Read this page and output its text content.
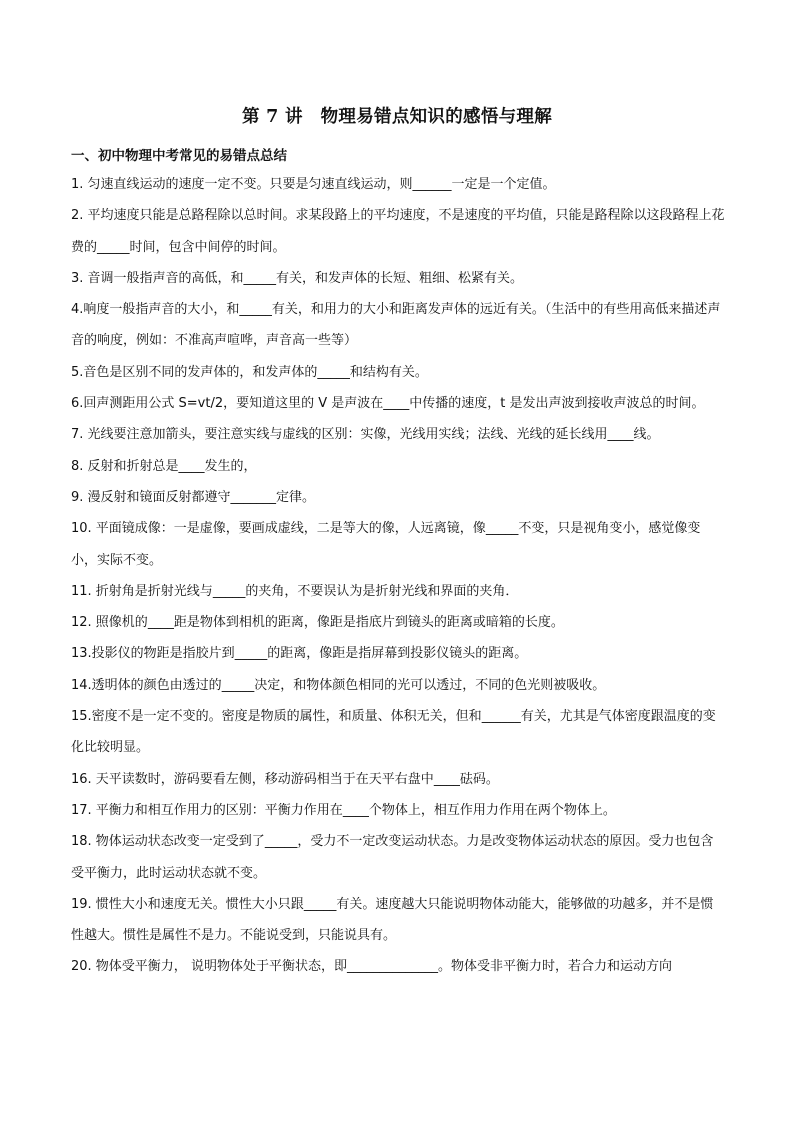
第 7 讲　物理易错点知识的感悟与理解
一、初中物理中考常见的易错点总结

1. 匀速直线运动的速度一定不变。只要是匀速直线运动，则______一定是一个定值。

2. 平均速度只能是总路程除以总时间。求某段路上的平均速度，不是速度的平均值，只能是路程除以这段路程上花费的_____时间，包含中间停的时间。

3. 音调一般指声音的高低，和_____有关，和发声体的长短、粗细、松紧有关。

4.响度一般指声音的大小，和_____有关，和用力的大小和距离发声体的远近有关。（生活中的有些用高低来描述声音的响度，例如：不准高声喧哗，声音高一些等）

5.音色是区别不同的发声体的，和发声体的_____和结构有关。

6.回声测距用公式 S=vt/2，要知道这里的 V 是声波在____中传播的速度，t 是发出声波到接收声波总的时间。

7. 光线要注意加箭头，要注意实线与虚线的区别：实像，光线用实线；法线、光线的延长线用____线。

8. 反射和折射总是____发生的，

9. 漫反射和镜面反射都遵守_______定律。

10. 平面镜成像：一是虚像，要画成虚线，二是等大的像，人远离镜，像_____不变，只是视角变小，感觉像变小，实际不变。

11. 折射角是折射光线与_____的夹角，不要误认为是折射光线和界面的夹角．

12. 照像机的____距是物体到相机的距离，像距是指底片到镜头的距离或暗箱的长度。

13.投影仪的物距是指胶片到_____的距离，像距是指屏幕到投影仪镜头的距离。

14.透明体的颜色由透过的_____决定，和物体颜色相同的光可以透过，不同的色光则被吸收。

15.密度不是一定不变的。密度是物质的属性，和质量、体积无关，但和______有关，尤其是气体密度跟温度的变化比较明显。

16. 天平读数时，游码要看左侧，移动游码相当于在天平右盘中____砝码。

17. 平衡力和相互作用力的区别：平衡力作用在____个物体上，相互作用力作用在两个物体上。

18. 物体运动状态改变一定受到了_____，受力不一定改变运动状态。力是改变物体运动状态的原因。受力也包含受平衡力，此时运动状态就不变。

19. 惯性大小和速度无关。惯性大小只跟_____有关。速度越大只能说明物体动能大，能够做的功越多，并不是惯性越大。惯性是属性不是力。不能说受到，只能说具有。

20. 物体受平衡力， 说明物体处于平衡状态，即______________。物体受非平衡力时，若合力和运动方向
